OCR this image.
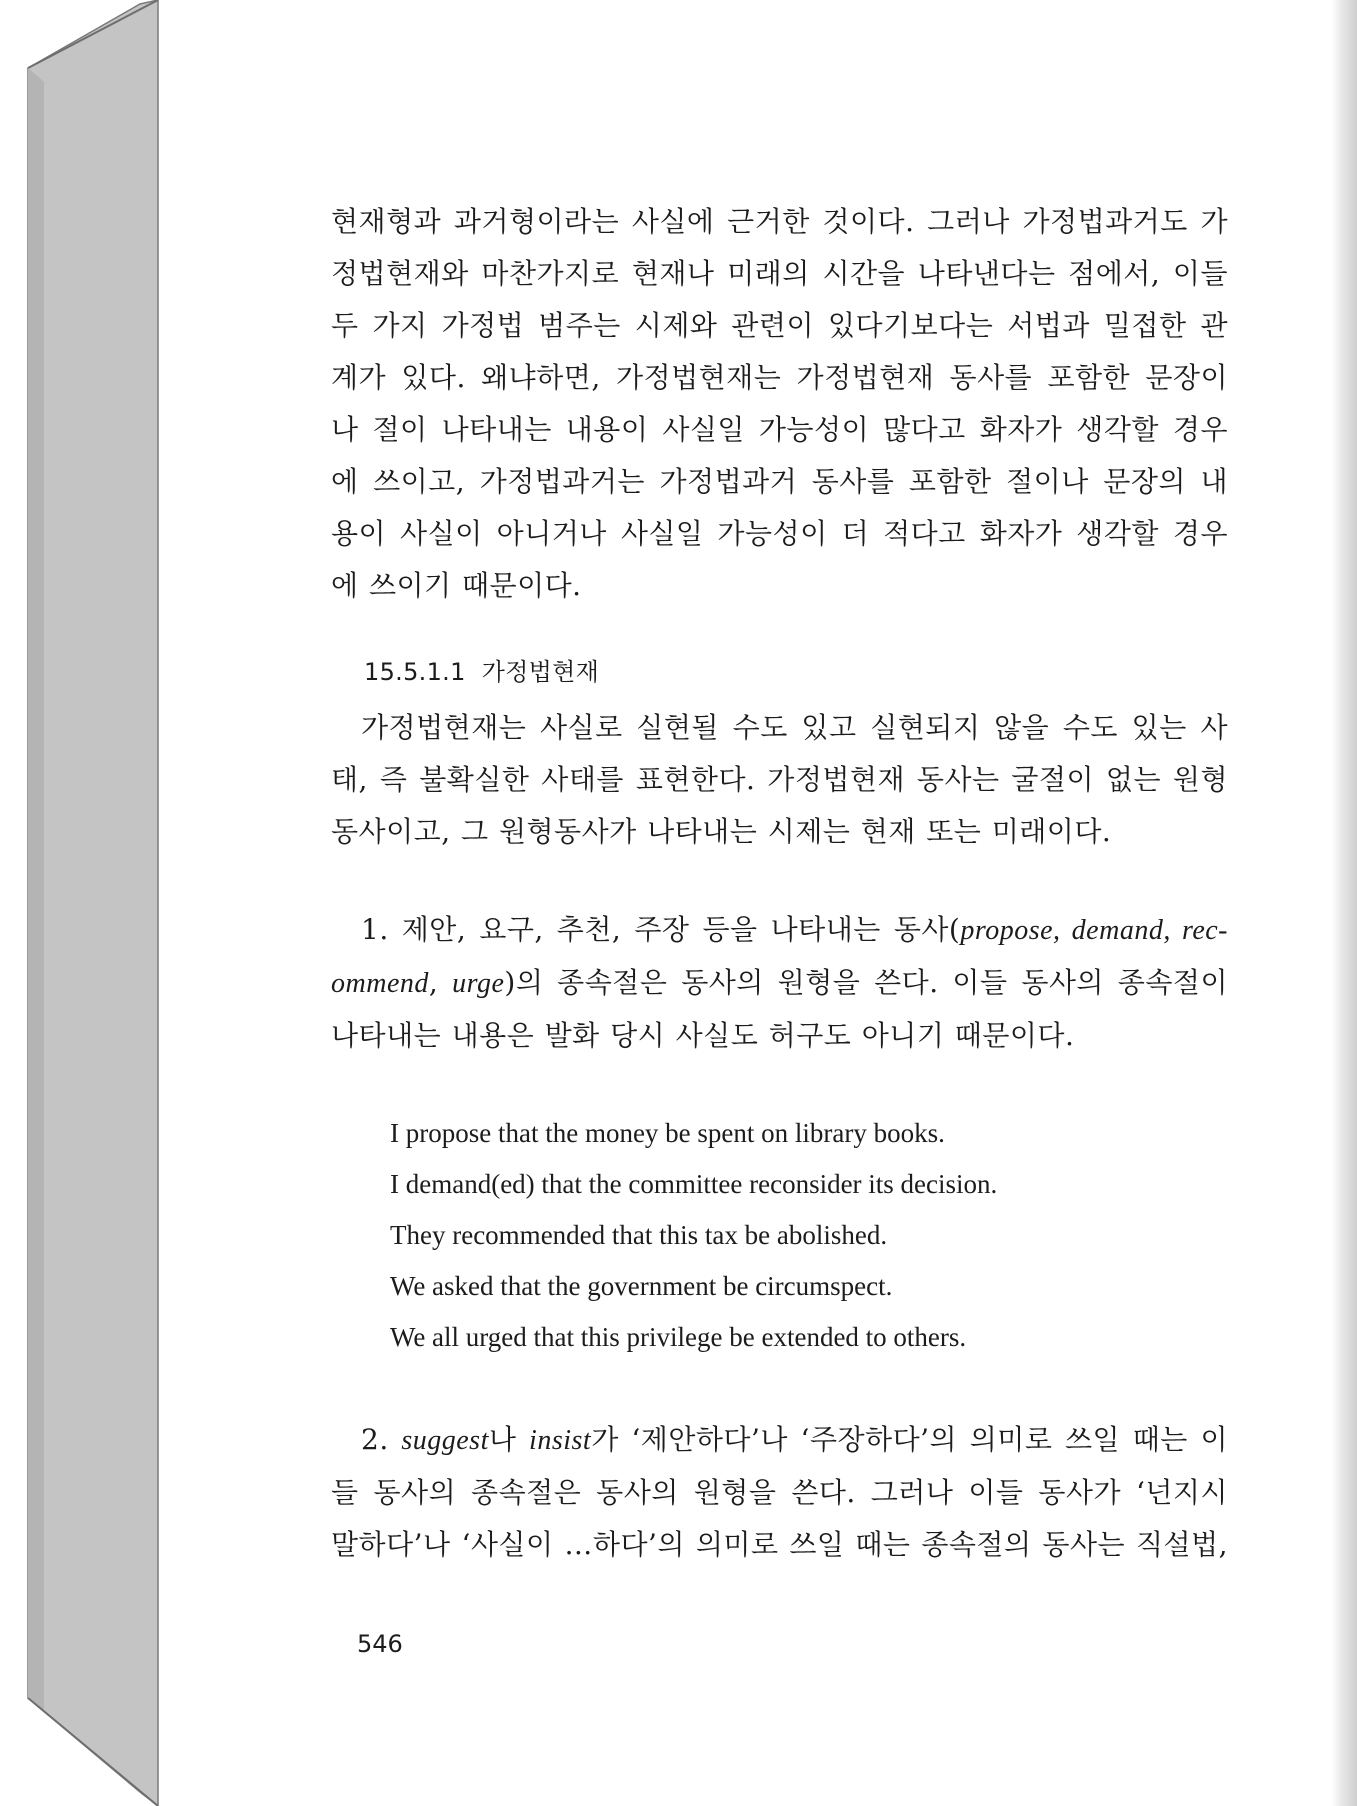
현재형과 과거형이라는 사실에 근거한 것이다. 그러나 가정법과거도 가
정법현재와 마찬가지로 현재나 미래의 시간을 나타낸다는 점에서, 이들
두 가지 가정법 범주는 시제와 관련이 있다기보다는 서법과 밀접한 관
계가 있다. 왜냐하면, 가정법현재는 가정법현재 동사를 포함한 문장이
나 절이 나타내는 내용이 사실일 가능성이 많다고 화자가 생각할 경우
에 쓰이고, 가정법과거는 가정법과거 동사를 포함한 절이나 문장의 내
용이 사실이 아니거나 사실일 가능성이 더 적다고 화자가 생각할 경우
에 쓰이기 때문이다.

15.5.1.1 가정법현재

가정법현재는 사실로 실현될 수도 있고 실현되지 않을 수도 있는 사
태, 즉 불확실한 사태를 표현한다. 가정법현재 동사는 굴절이 없는 원형
동사이고, 그 원형동사가 나타내는 시제는 현재 또는 미래이다.

1. 제안, 요구, 추천, 주장 등을 나타내는 동사(propose, demand, rec-
ommend, urge)의 종속절은 동사의 원형을 쓴다. 이들 동사의 종속절이
나타내는 내용은 발화 당시 사실도 허구도 아니기 때문이다.

I propose that the money be spent on library books.
I demand(ed) that the committee reconsider its decision.
They recommended that this tax be abolished.
We asked that the government be circumspect.
We all urged that this privilege be extended to others.

2. suggest나 insist가 ‘제안하다’나 ‘주장하다’의 의미로 쓰일 때는 이
들 동사의 종속절은 동사의 원형을 쓴다. 그러나 이들 동사가 ‘넌지시
말하다’나 ‘사실이 …하다’의 의미로 쓰일 때는 종속절의 동사는 직설법,

546
